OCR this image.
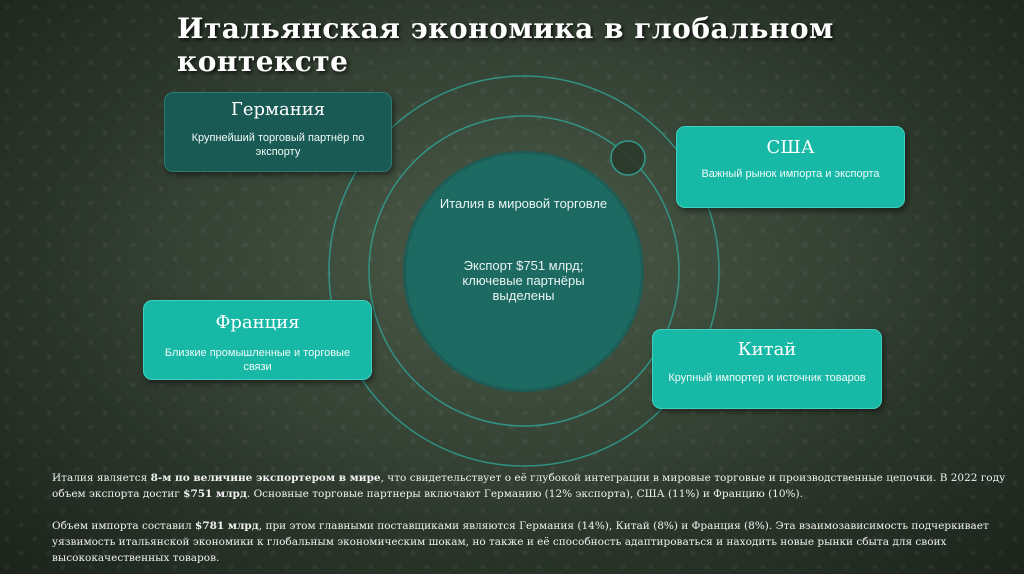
Итальянская экономика в глобальном контексте
Италия в мировой торговле
Экспорт $751 млрд; ключевые партнёры выделены
Германия
Крупнейший торговый партнёр по экспорту	США
Важный рынок импорта и экспорта
Франция
Близкие промышленные и торговые связи
Китай
Крупный импортер и источник товаров
Италия является 8-м по величине экспортером в мире, что свидетельствует о её глубокой интеграции в мировые торговые и производственные цепочки. В 2022 году объем экспорта достиг $751 млрд. Основные торговые партнеры включают Германию (12% экспорта), США (11%) и Францию (10%).
Объем импорта составил $781 млрд, при этом главными поставщиками являются Германия (14%), Китай (8%) и Франция (8%). Эта взаимозависимость подчеркивает уязвимость итальянской экономики к глобальным экономическим шокам, но также и её способность адаптироваться и находить новые рынки сбыта для своих высококачественных товаров.
